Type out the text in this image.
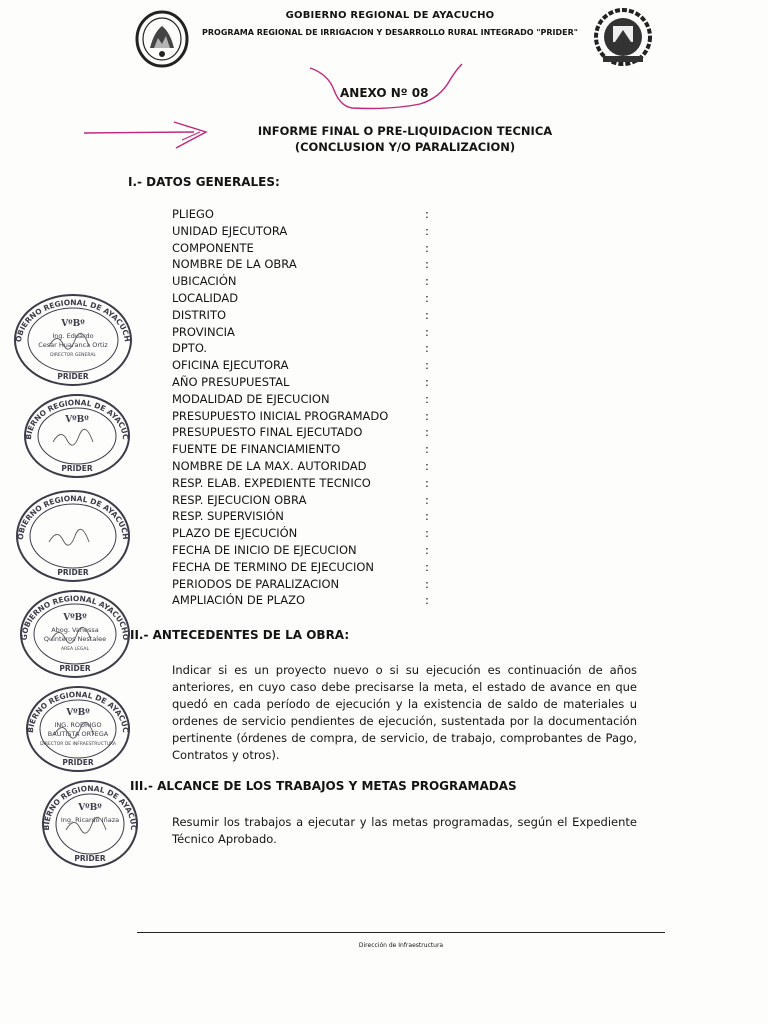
GOBIERNO REGIONAL DE AYACUCHO
PROGRAMA REGIONAL DE IRRIGACION Y DESARROLLO RURAL INTEGRADO "PRIDER"
ANEXO Nº 08
INFORME FINAL O PRE-LIQUIDACION TECNICA
(CONCLUSION Y/O PARALIZACION)
I.- DATOS GENERALES:
PLIEGO	:
UNIDAD EJECUTORA	:
COMPONENTE	:
NOMBRE DE LA OBRA	:
UBICACIÓN	:
LOCALIDAD	:
DISTRITO	:
PROVINCIA	:
DPTO.	:
OFICINA EJECUTORA	:
AÑO PRESUPUESTAL	:
MODALIDAD DE EJECUCION	:
PRESUPUESTO INICIAL PROGRAMADO	:
PRESUPUESTO FINAL EJECUTADO	:
FUENTE DE FINANCIAMIENTO	:
NOMBRE DE LA MAX. AUTORIDAD	:
RESP. ELAB. EXPEDIENTE TECNICO	:
RESP. EJECUCION OBRA	:
RESP. SUPERVISIÓN	:
PLAZO DE EJECUCIÓN	:
FECHA DE INICIO DE EJECUCION	:
FECHA DE TERMINO DE EJECUCION	:
PERIODOS DE PARALIZACION	:
AMPLIACIÓN DE PLAZO	:
II.- ANTECEDENTES DE LA OBRA:
Indicar si es un proyecto nuevo o si su ejecución es continuación de años anteriores, en cuyo caso debe precisarse la meta, el estado de avance en que quedó en cada período de ejecución y la existencia de saldo de materiales u ordenes de servicio pendientes de ejecución, sustentada por la documentación pertinente (órdenes de compra, de servicio, de trabajo, comprobantes de Pago, Contratos y otros).
III.- ALCANCE DE LOS TRABAJOS Y METAS PROGRAMADAS
Resumir los trabajos a ejecutar y las metas programadas, según el Expediente Técnico Aprobado.
Dirección de Infraestructura
OBIERNO REGIONAL DE AYACUCH
PRIDER
VºBº
Ing. Eduardo
Cesar Huaranca Ortiz
DIRECTOR GENERAL
BIERNO REGIONAL DE AYACUC
PRIDER
VºBº
OBIERNO REGIONAL DE AYACUCH
PRIDER
GOBIERNO REGIONAL AYACUCHO
PRIDER
VºBº
Abog. Vanessa
Quinteros Nestalee
AREA LEGAL
BIERNO REGIONAL DE AYACUC
PRIDER
VºBº
ING. RODRIGO
BAUTISTA ORTEGA
DIRECTOR DE INFRAESTRUCTURA
BIERNO REGIONAL DE AYACUC
PRIDER
VºBº
Ing. Ricardo Iñaza
